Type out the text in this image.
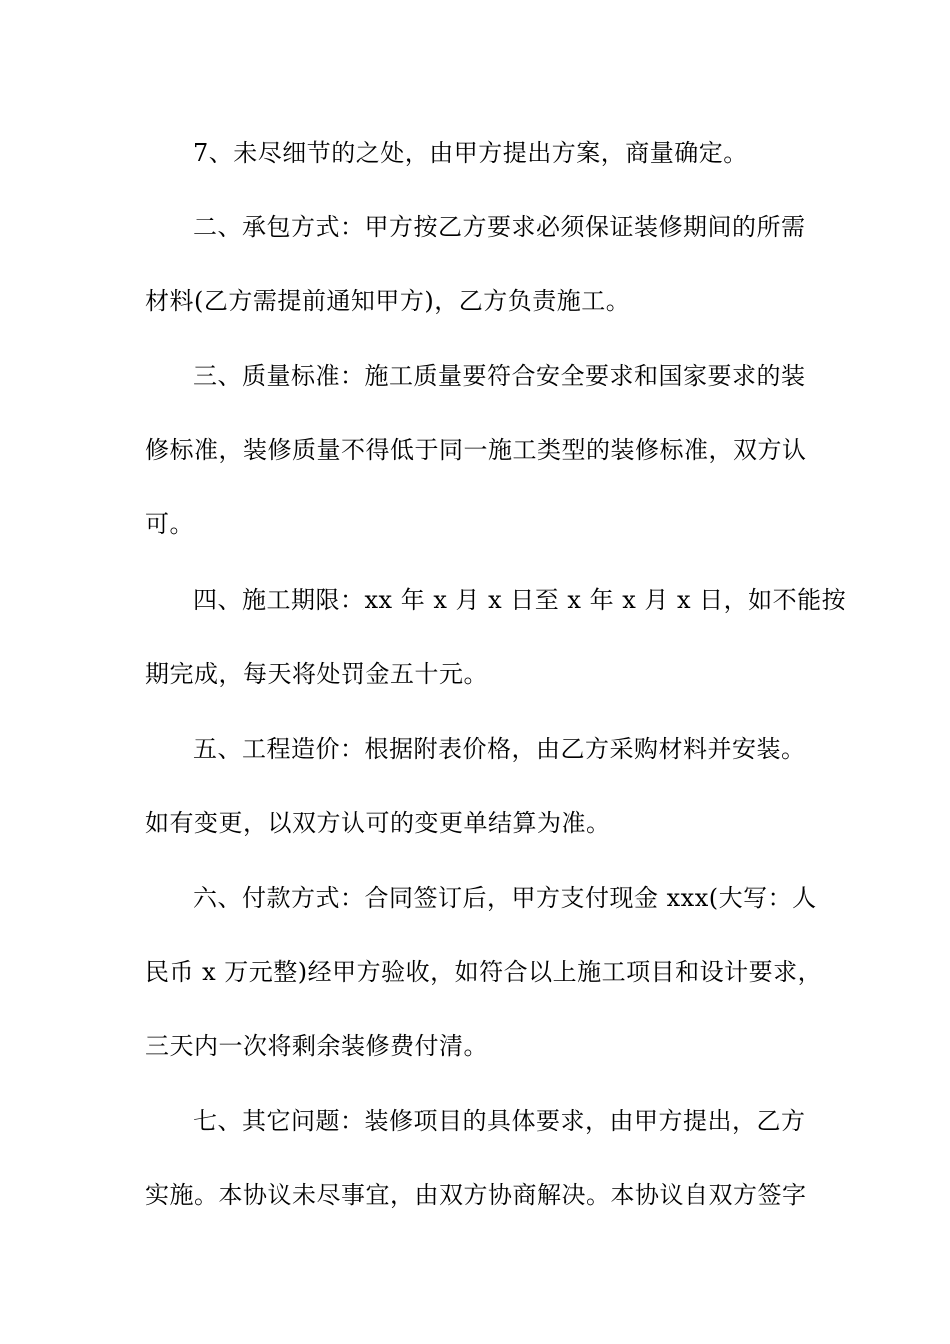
7、未尽细节的之处，由甲方提出方案，商量确定。
二、承包方式：甲方按乙方要求必须保证装修期间的所需
材料(乙方需提前通知甲方)，乙方负责施工。
三、质量标准：施工质量要符合安全要求和国家要求的装
修标准，装修质量不得低于同一施工类型的装修标准，双方认
可。
四、施工期限：xx 年 x 月 x 日至 x 年 x 月 x 日，如不能按
期完成，每天将处罚金五十元。
五、工程造价：根据附表价格，由乙方采购材料并安装。
如有变更，以双方认可的变更单结算为准。
六、付款方式：合同签订后，甲方支付现金 xxx(大写：人
民币 x 万元整)经甲方验收，如符合以上施工项目和设计要求，
三天内一次将剩余装修费付清。
七、其它问题：装修项目的具体要求，由甲方提出，乙方
实施。本协议未尽事宜，由双方协商解决。本协议自双方签字
